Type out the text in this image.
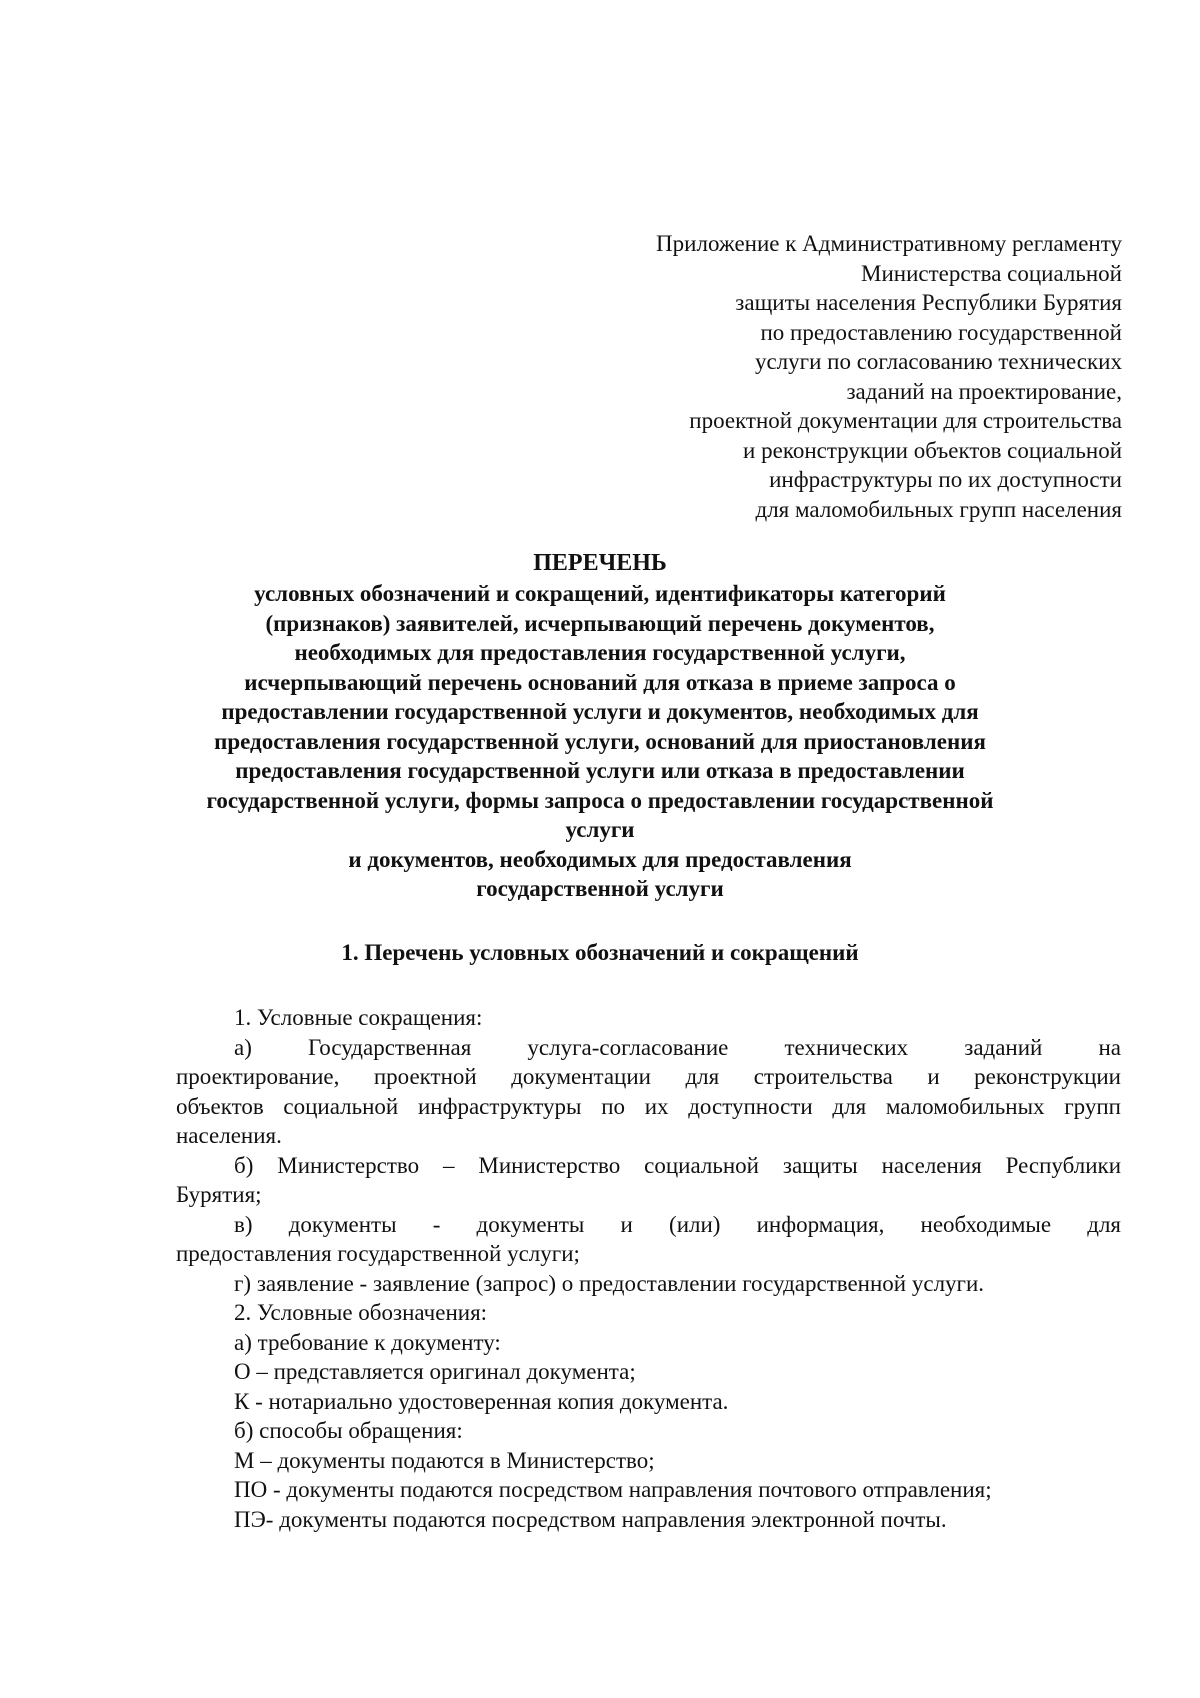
Приложение к Административному регламенту
Министерства социальной
защиты населения Республики Бурятия
по предоставлению государственной
услуги по согласованию технических
заданий на проектирование,
проектной документации для строительства
и реконструкции объектов социальной
инфраструктуры по их доступности
для маломобильных групп населения
ПЕРЕЧЕНЬ
условных обозначений и сокращений, идентификаторы категорий
(признаков) заявителей, исчерпывающий перечень документов,
необходимых для предоставления государственной услуги,
исчерпывающий перечень оснований для отказа в приеме запроса о
предоставлении государственной услуги и документов, необходимых для
предоставления государственной услуги, оснований для приостановления
предоставления государственной услуги или отказа в предоставлении
государственной услуги, формы запроса о предоставлении государственной
услуги
и документов, необходимых для предоставления
государственной услуги
1. Перечень условных обозначений и сокращений
1. Условные сокращения:
а) Государственная услуга-согласование технических заданий на
проектирование, проектной документации для строительства и реконструкции
объектов социальной инфраструктуры по их доступности для маломобильных групп
населения.
б) Министерство – Министерство социальной защиты населения Республики
Бурятия;
в) документы - документы и (или) информация, необходимые для
предоставления государственной услуги;
г) заявление - заявление (запрос) о предоставлении государственной услуги.
2. Условные обозначения:
а) требование к документу:
О – представляется оригинал документа;
К - нотариально удостоверенная копия документа.
б) способы обращения:
М – документы подаются в Министерство;
ПО - документы подаются посредством направления почтового отправления;
ПЭ- документы подаются посредством направления электронной почты.
